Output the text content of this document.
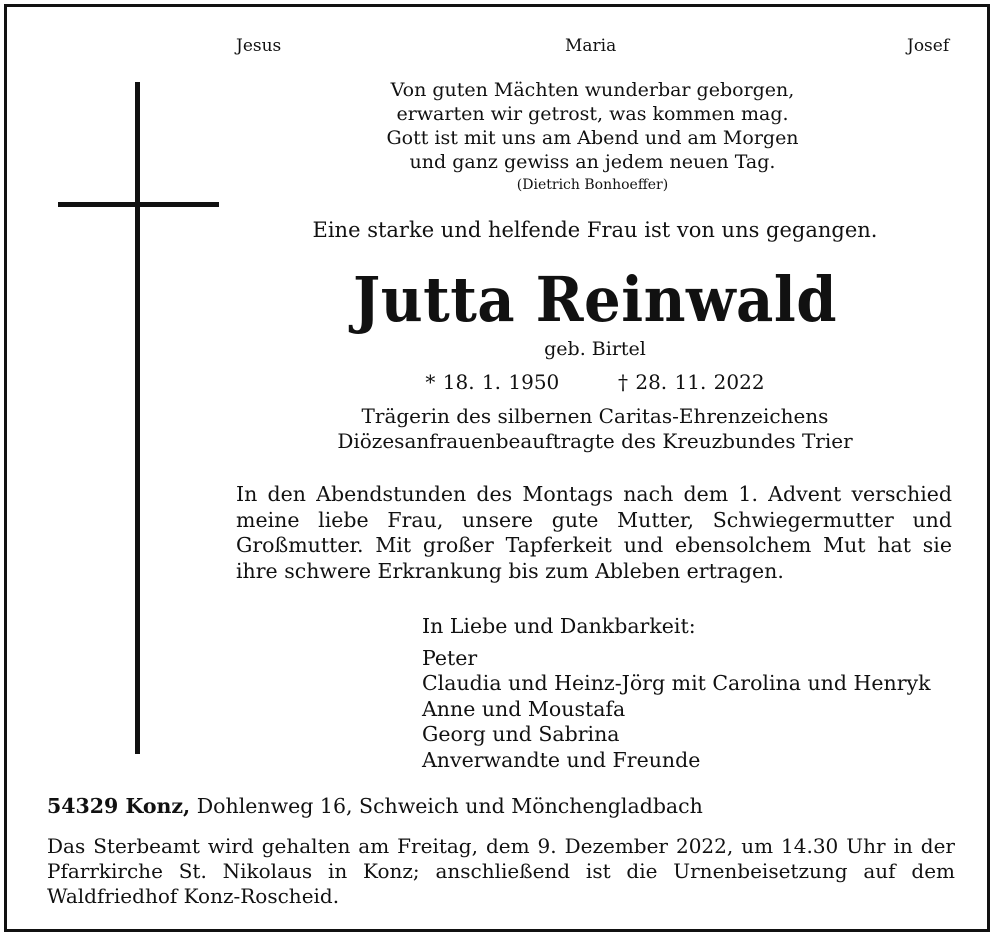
Jesus	Maria	Josef
Von guten Mächten wunderbar geborgen,
erwarten wir getrost, was kommen mag.
Gott ist mit uns am Abend und am Morgen
und ganz gewiss an jedem neuen Tag.
(Dietrich Bonhoeffer)
Eine starke und helfende Frau ist von uns gegangen.
Jutta Reinwald
geb. Birtel
* 18. 1. 1950	† 28. 11. 2022
Trägerin des silbernen Caritas-Ehrenzeichens
Diözesanfrauenbeauftragte des Kreuzbundes Trier
In den Abendstunden des Montags nach dem 1. Advent verschied meine liebe Frau, unsere gute Mutter, Schwiegermutter und Großmutter. Mit großer Tapferkeit und ebensolchem Mut hat sie ihre schwere Erkrankung bis zum Ableben ertragen.
In Liebe und Dankbarkeit:
Peter
Claudia und Heinz-Jörg mit Carolina und Henryk
Anne und Moustafa
Georg und Sabrina
Anverwandte und Freunde
54329 Konz, Dohlenweg 16, Schweich und Mönchengladbach
Das Sterbeamt wird gehalten am Freitag, dem 9. Dezember 2022, um 14.30 Uhr in der Pfarrkirche St. Nikolaus in Konz; anschließend ist die Urnenbeisetzung auf dem Waldfriedhof Konz-Roscheid.
